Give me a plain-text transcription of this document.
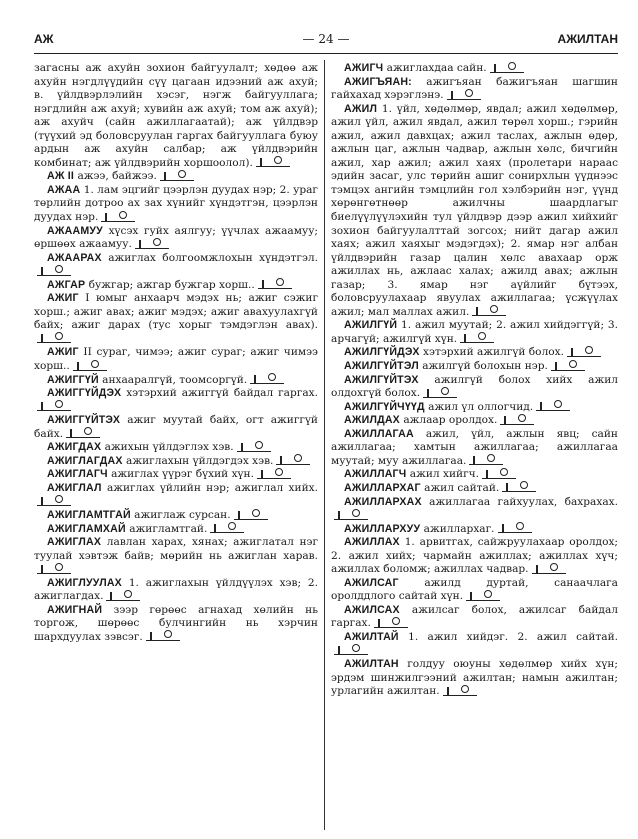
АЖ	— 24 —	АЖИЛТАН

загасны аж ахуйн зохион байгуулалт; хөдөө аж ахуйн нэгдлүүдийн сүү цагаан идээний аж ахуй; в. үйлдвэрлэлийн хэсэг, нэгж байгууллага; нэгдлийн аж ахуй; хувийн аж ахуй; том аж ахуй); аж ахуйч (сайн ажиллагаатай); аж үйлдвэр (түүхий эд боловсруулан гаргах байгууллага буюу ардын аж ахуйн салбар; аж үйлдвэрийн комбинат; аж үйлдвэрийн хоршоолол).

АЖ II ажээ, байжээ.

АЖАА 1. лам эцгийг цээрлэн дуудах нэр; 2. ураг төрлийн дотроо ах зах хүнийг хүндэтгэн, цээрлэн дуудах нэр.

АЖААМУУ хүсэх гуйх аялгуу; үүчлах ажаамуу; өршөөх ажаамуу.

АЖААРАХ ажиглах болгоомжлохын хүндэтгэл.

АЖГАР бужгар; ажгар бужгар хорш..

АЖИГ I юмыг анхаарч мэдэх нь; ажиг сэжиг хорш.; ажиг авах; ажиг мэдэх; ажиг авахуулахгүй байх; ажиг дарах (тус хорыг тэмдэглэн авах).

АЖИГ II сураг, чимээ; ажиг сураг; ажиг чимээ хорш..

АЖИГГҮЙ анхааралгүй, тоомсоргүй.

АЖИГГҮЙДЭХ хэтэрхий ажиггүй байдал гаргах.

АЖИГГҮЙТЭХ ажиг муутай байх, огт ажиггүй байх.

АЖИГДАХ ажихын үйлдэглэх хэв.

АЖИГЛАГДАХ ажиглахын үйлдэгдэх хэв.

АЖИГЛАГЧ ажиглах үүрэг бүхий хүн.

АЖИГЛАЛ ажиглах үйлийн нэр; ажиглал хийх.

АЖИГЛАМТГАЙ ажиглаж сурсан.

АЖИГЛАМХАЙ ажигламтгай.

АЖИГЛАХ лавлан харах, хянах; ажиглатал нэг туулай хэвтэж байв; мөрийн нь ажиглан харав.

АЖИГЛУУЛАХ 1. ажиглахын үйлдүүлэх хэв; 2. ажиглагдах.

АЖИГНАЙ зээр гөрөөс агнахад хөлийн нь торгож, шөрөөс булчингийн нь хэрчин шархдуулах зэвсэг.

АЖИГЧ ажиглахдаа сайн.

АЖИГЪЯАН: ажигъяан бажигъяан шагшин гайхахад хэрэглэнэ.

АЖИЛ 1. үйл, хөдөлмөр, явдал; ажил хөдөлмөр, ажил үйл, ажил явдал, ажил төрөл хорш.; гэрийн ажил, ажил давхцах; ажил таслах, ажлын өдөр, ажлын цаг, ажлын чадвар, ажлын хөлс, бичгийн ажил, хар ажил; ажил хаях (пролетари нараас эдийн засаг, улс төрийн ашиг сонирхлын үүднээс тэмцэх ангийн тэмцлийн гол хэлбэрийн нэг, үүнд хөрөнгөтнөөр ажилчны шаардлагыг биелүүлүүлэхийн тул үйлдвэр дээр ажил хийхийг зохион байгуулалттай зогсох; нийт дагар ажил хаях; ажил хаяхыг мэдэгдэх); 2. ямар нэг албан үйлдвэрийн газар цалин хөлс авахаар орж ажиллах нь, ажлаас халах; ажилд авах; ажлын газар; 3. ямар нэг аүйлийг бүтээх, боловсруулахаар явуулах ажиллагаа; үсжүүлах ажил; мал маллах ажил.

АЖИЛГҮЙ 1. ажил муутай; 2. ажил хийдэггүй; 3. арчагүй; ажилгүй хүн.

АЖИЛГҮЙДЭХ хэтэрхий ажилгүй болох.

АЖИЛГҮЙТЭЛ ажилгүй болохын нэр.

АЖИЛГҮЙТЭХ ажилгүй болох хийх ажил олдохгүй болох.

АЖИЛГҮЙЧҮҮД ажил үл оллогчид.

АЖИЛДАХ ажлаар оролдох.

АЖИЛЛАГАА ажил, үйл, ажлын явц; сайн ажиллагаа; хамтын ажиллагаа; ажиллагаа муутай; муу ажиллагаа.

АЖИЛЛАГЧ ажил хийгч.

АЖИЛЛАРХАГ ажил сайтай.

АЖИЛЛАРХАХ ажиллагаа гайхуулах, бахрахах.

АЖИЛЛАРХУУ ажиллархаг.

АЖИЛЛАХ 1. арвитгах, сайжруулахаар оролдох; 2. ажил хийх; чармайн ажиллах; ажиллах хүч; ажиллах боломж; ажиллах чадвар.

АЖИЛСАГ ажилд дуртай, санаачлага оролддлого сайтай хүн.

АЖИЛСАХ ажилсаг болох, ажилсаг байдал гаргах.

АЖИЛТАЙ 1. ажил хийдэг. 2. ажил сайтай.

АЖИЛТАН голдуу оюуны хөдөлмөр хийх хүн; эрдэм шинжилгээний ажилтан; намын ажилтан; урлагийн ажилтан.
